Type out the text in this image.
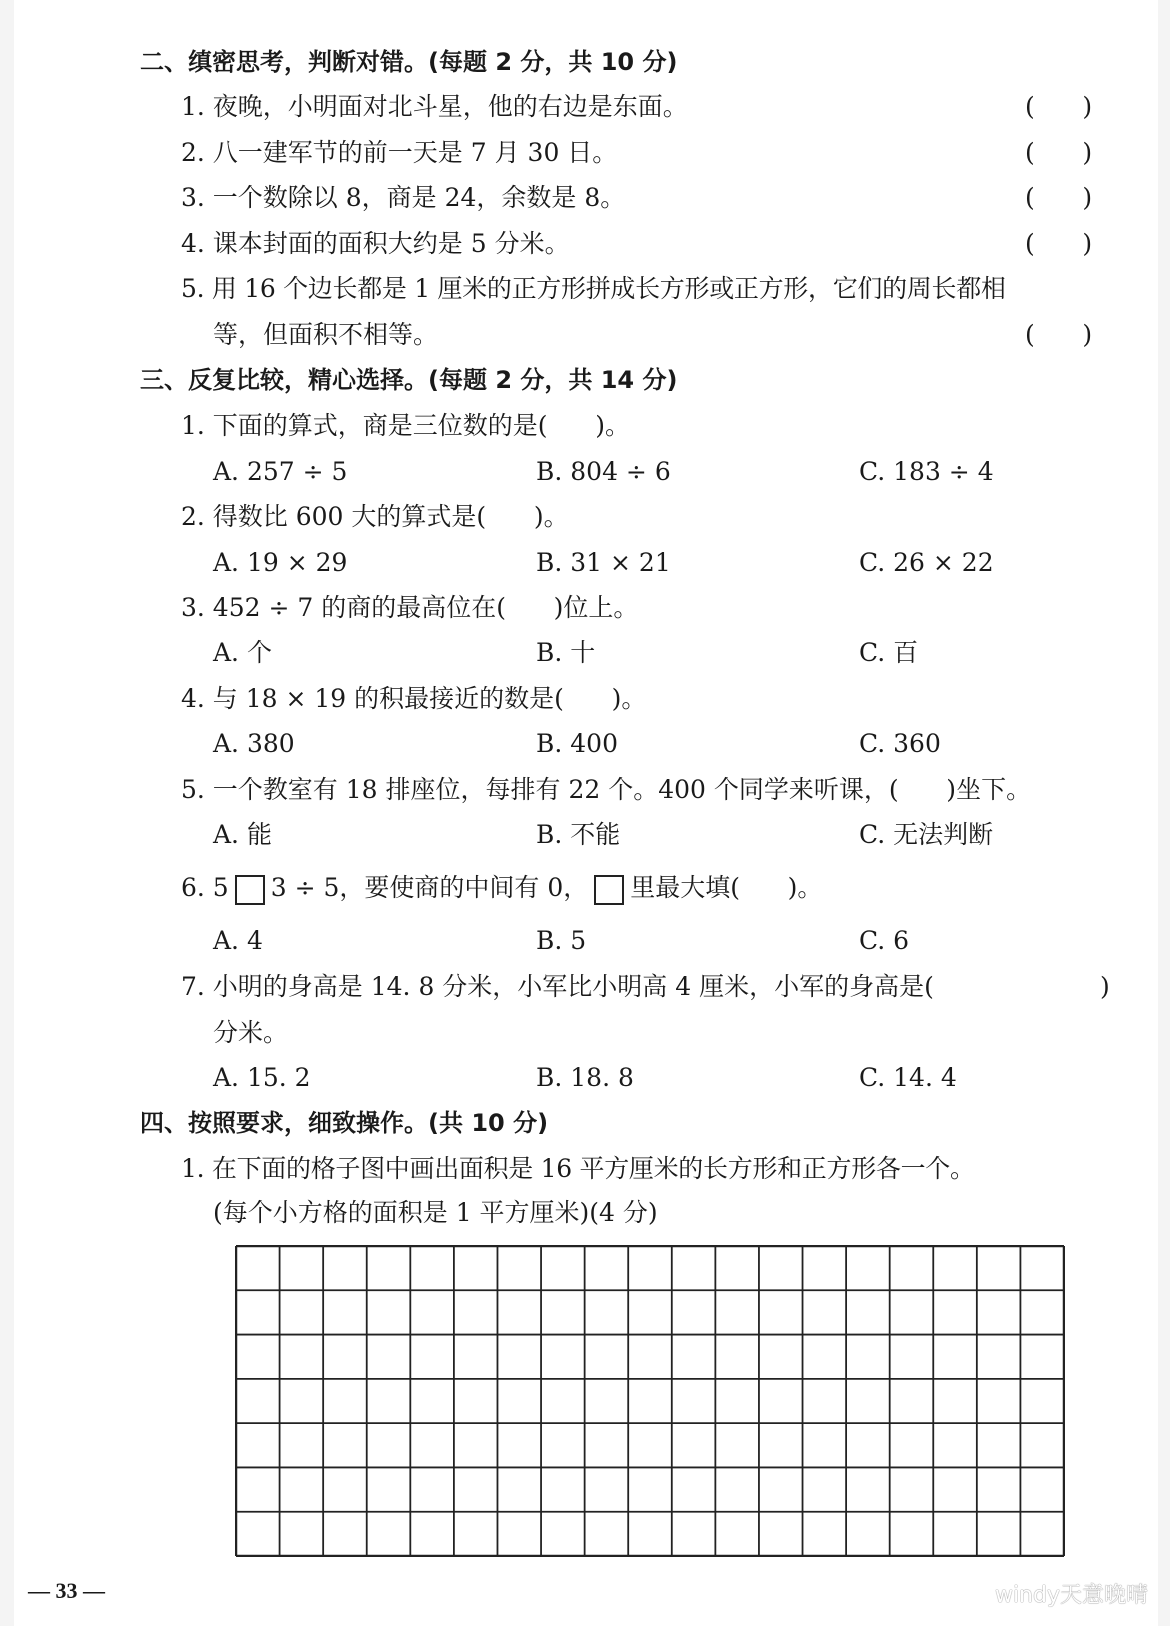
二、缜密思考，判断对错。(每题 2 分，共 10 分)
1. 夜晚，小明面对北斗星，他的右边是东面。	(      )
2. 八一建军节的前一天是 7 月 30 日。	(      )
3. 一个数除以 8，商是 24，余数是 8。	(      )
4. 课本封面的面积大约是 5 分米。	(      )
5. 用 16 个边长都是 1 厘米的正方形拼成长方形或正方形，它们的周长都相
等，但面积不相等。	(      )
三、反复比较，精心选择。(每题 2 分，共 14 分)
1. 下面的算式，商是三位数的是(      )。
A. 257 ÷ 5	B. 804 ÷ 6	C. 183 ÷ 4
2. 得数比 600 大的算式是(      )。
A. 19 × 29	B. 31 × 21	C. 26 × 22
3. 452 ÷ 7 的商的最高位在(      )位上。
A. 个	B. 十	C. 百
4. 与 18 × 19 的积最接近的数是(      )。
A. 380	B. 400	C. 360
5. 一个教室有 18 排座位，每排有 22 个。400 个同学来听课，(      )坐下。
A. 能	B. 不能	C. 无法判断
6. 5 3 ÷ 5，要使商的中间有 0， 里最大填(      )。
A. 4	B. 5	C. 6
7. 小明的身高是 14. 8 分米，小军比小明高 4 厘米，小军的身高是(	)
分米。
A. 15. 2	B. 18. 8	C. 14. 4
四、按照要求，细致操作。(共 10 分)
1. 在下面的格子图中画出面积是 16 平方厘米的长方形和正方形各一个。
(每个小方格的面积是 1 平方厘米)(4 分)
— 33 —	windy天意晚晴
